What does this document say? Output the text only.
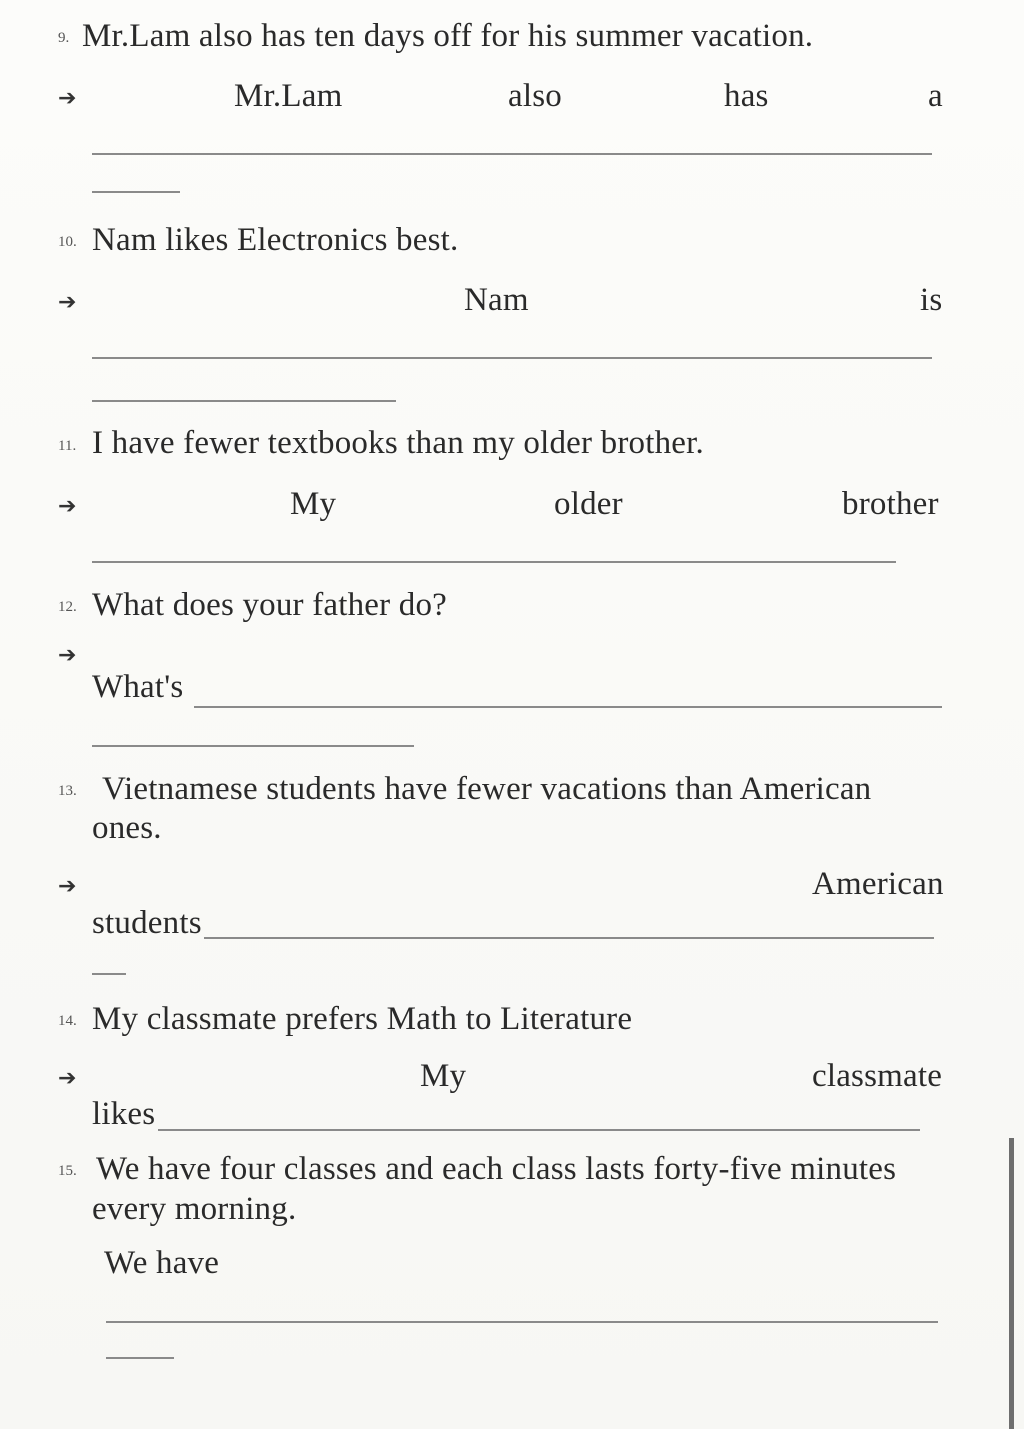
9. Mr.Lam also has ten days off for his summer vacation.
➔	Mr.Lam	also	has	a
10. Nam likes Electronics best.
➔	Nam	is
11. I have fewer textbooks than my older brother.
➔	My	older	brother
12. What does your father do?
➔
What's
13. Vietnamese students have fewer vacations than American
ones.
➔	American
students
14. My classmate prefers Math to Literature
➔	My	classmate
likes
15. We have four classes and each class lasts forty-five minutes
every morning.
We have
